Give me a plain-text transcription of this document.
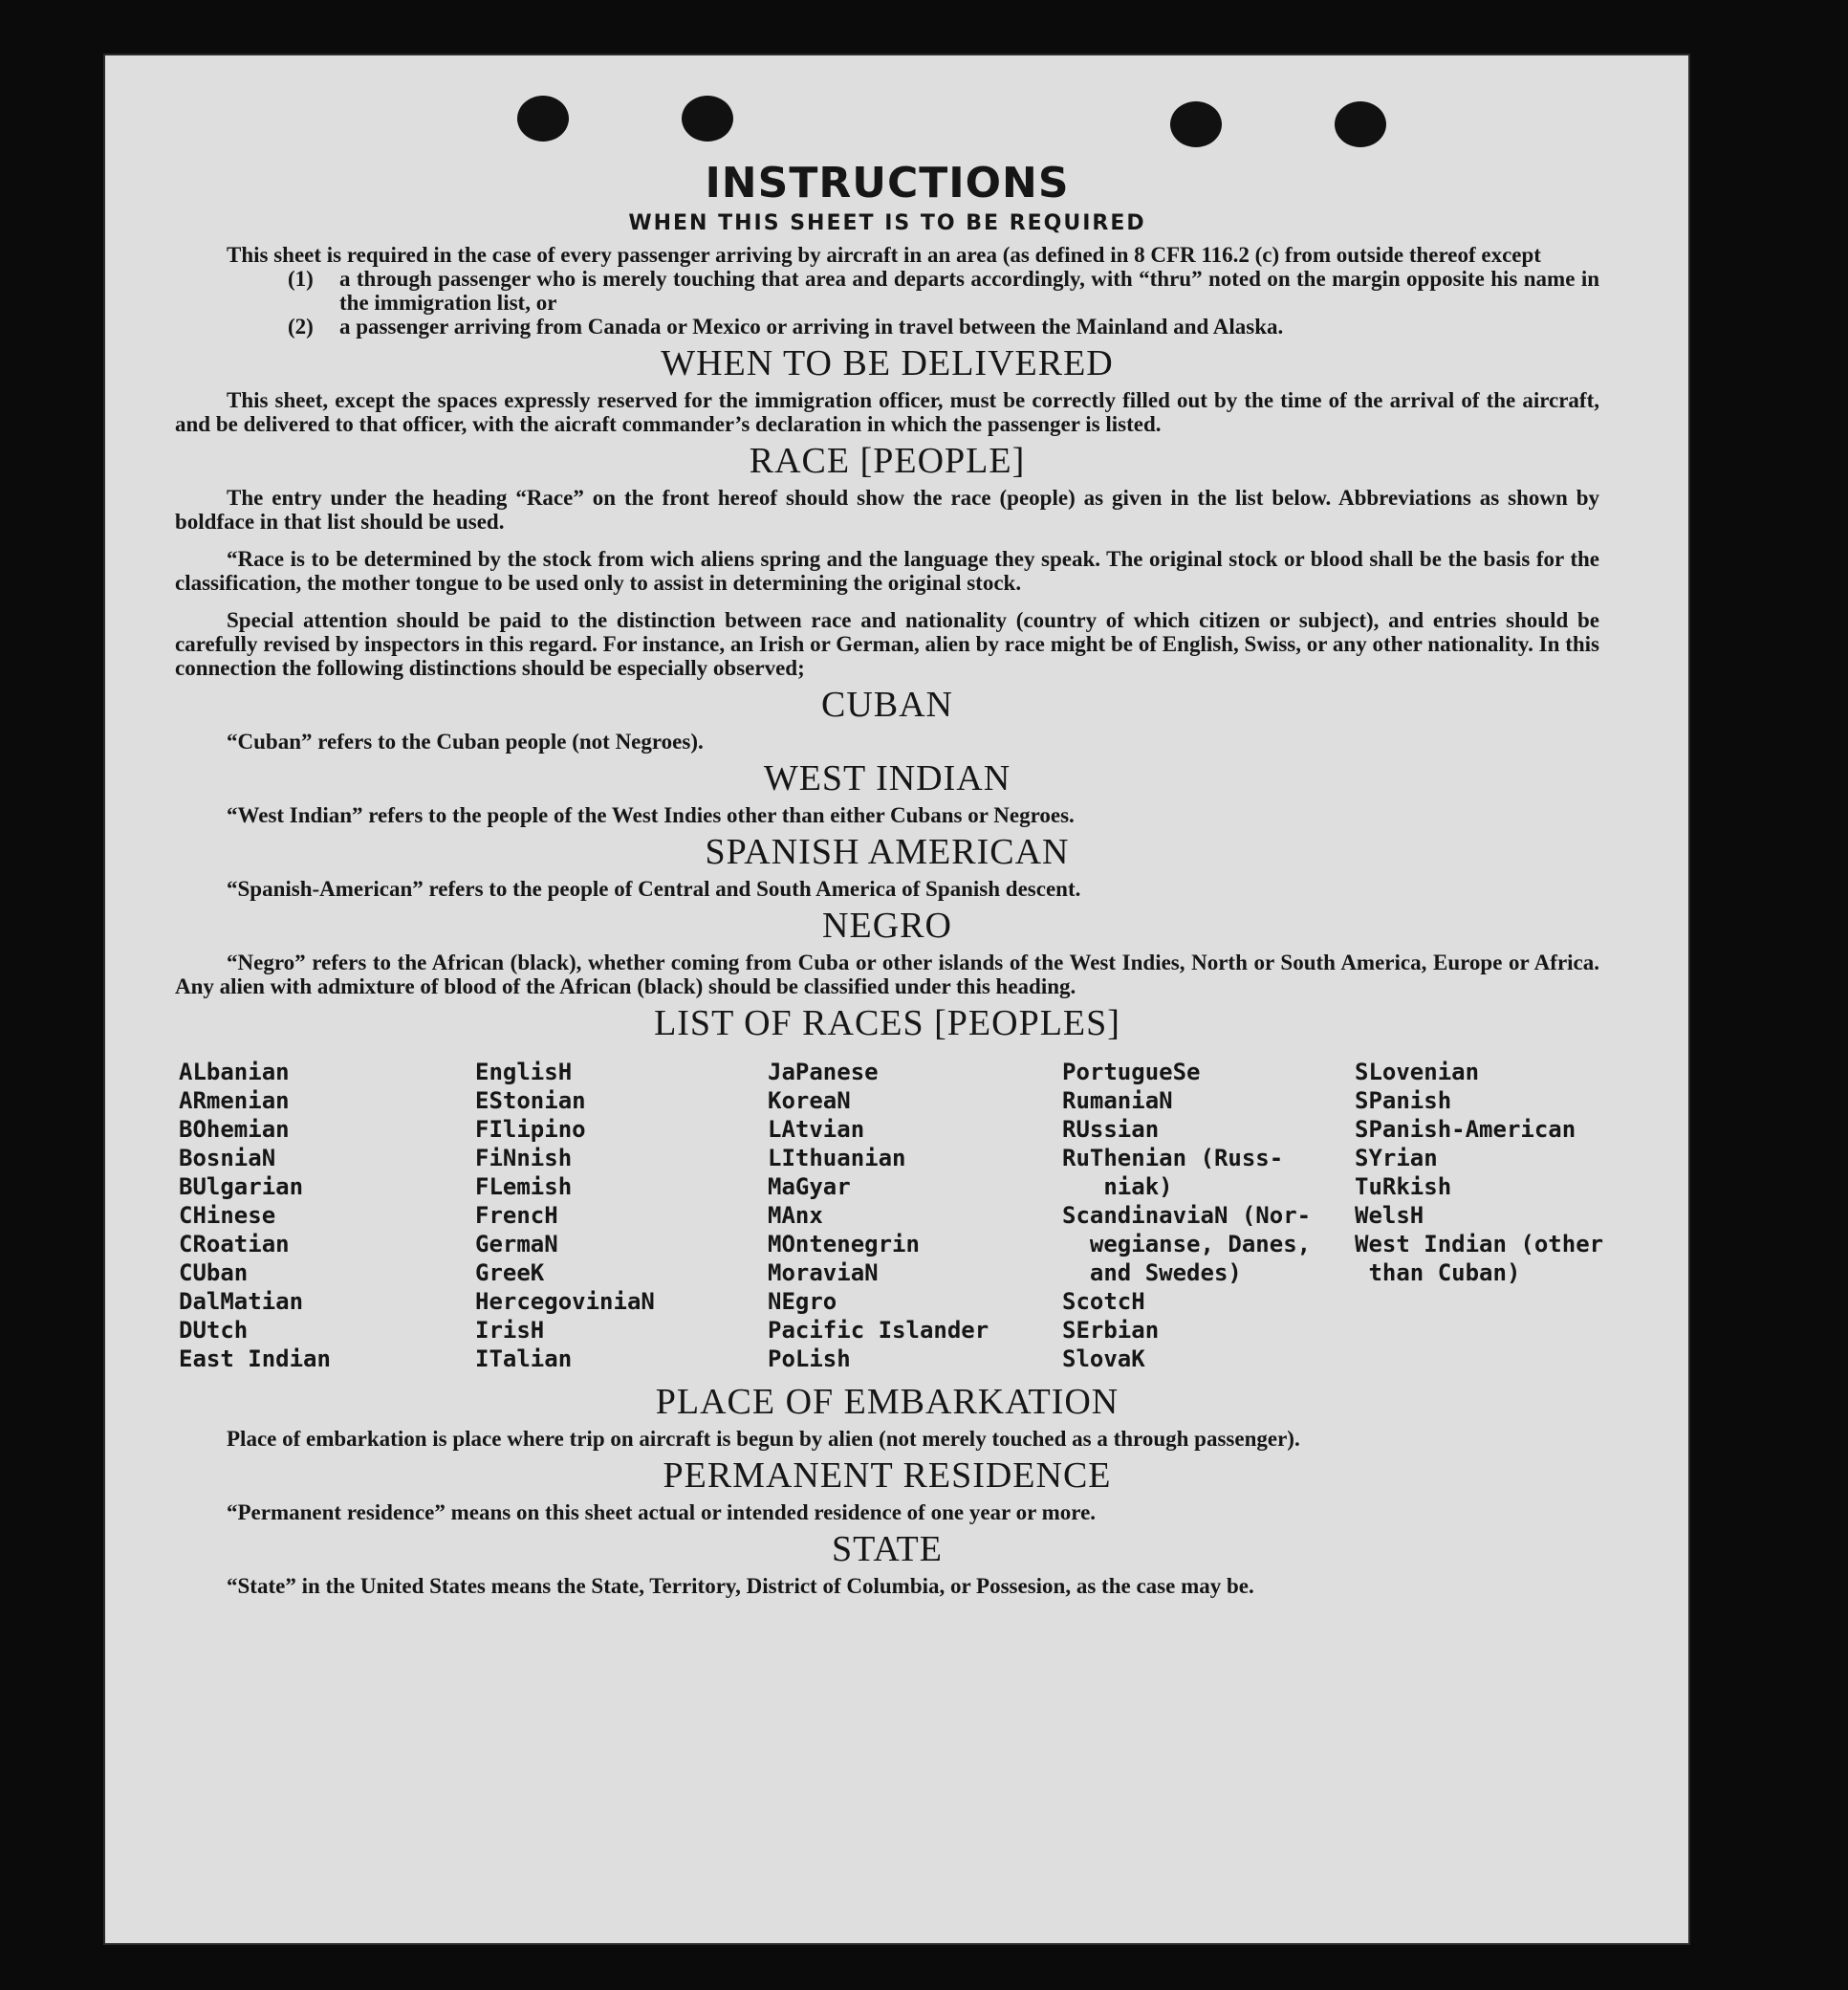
INSTRUCTIONS
WHEN THIS SHEET IS TO BE REQUIRED

This sheet is required in the case of every passenger arriving by aircraft in an area (as defined in 8 CFR 116.2 (c) from outside thereof except

(1)	a through passenger who is merely touching that area and departs accordingly, with “thru” noted on the margin opposite his name in the immigration list, or
(2)	a passenger arriving from Canada or Mexico or arriving in travel between the Mainland and Alaska.
WHEN TO BE DELIVERED

This sheet, except the spaces expressly reserved for the immigration officer, must be correctly filled out by the time of the arrival of the aircraft, and be delivered to that officer, with the aicraft commander’s declaration in which the passenger is listed.

RACE [PEOPLE]

The entry under the heading “Race” on the front hereof should show the race (people) as given in the list below. Abbreviations as shown by boldface in that list should be used.

“Race is to be determined by the stock from wich aliens spring and the language they speak. The original stock or blood shall be the basis for the classification, the mother tongue to be used only to assist in determining the original stock.

Special attention should be paid to the distinction between race and nationality (country of which citizen or subject), and entries should be carefully revised by inspectors in this regard. For instance, an Irish or German, alien by race might be of English, Swiss, or any other nationality. In this connection the following distinctions should be especially observed;

CUBAN

“Cuban” refers to the Cuban people (not Negroes).

WEST INDIAN

“West Indian” refers to the people of the West Indies other than either Cubans or Negroes.

SPANISH AMERICAN

“Spanish-American” refers to the people of Central and South America of Spanish descent.

NEGRO

“Negro” refers to the African (black), whether coming from Cuba or other islands of the West Indies, North or South America, Europe or Africa. Any alien with admixture of blood of the African (black) should be classified under this heading.

LIST OF RACES [PEOPLES]
ALbanian
ARmenian
BOhemian
BosniaN
BUlgarian
CHinese
CRoatian
CUban
DalMatian
DUtch
East Indian
EnglisH
EStonian
FIlipino
FiNnish
FLemish
FrencH
GermaN
GreeK
HercegoviniaN
IrisH
ITalian
JaPanese
KoreaN
LAtvian
LIthuanian
MaGyar
MAnx
MOntenegrin
MoraviaN
NEgro
Pacific Islander
PoLish
PortugueSe
RumaniaN
RUssian
RuThenian (Russ-
niak)
ScandinaviaN (Nor-
wegianse, Danes,
and Swedes)
ScotcH
SErbian
SlovaK
SLovenian
SPanish
SPanish-American
SYrian
TuRkish
WelsH
West Indian (other
than Cuban)
PLACE OF EMBARKATION

Place of embarkation is place where trip on aircraft is begun by alien (not merely touched as a through passenger).

PERMANENT RESIDENCE

“Permanent residence” means on this sheet actual or intended residence of one year or more.

STATE

“State” in the United States means the State, Territory, District of Columbia, or Possesion, as the case may be.
